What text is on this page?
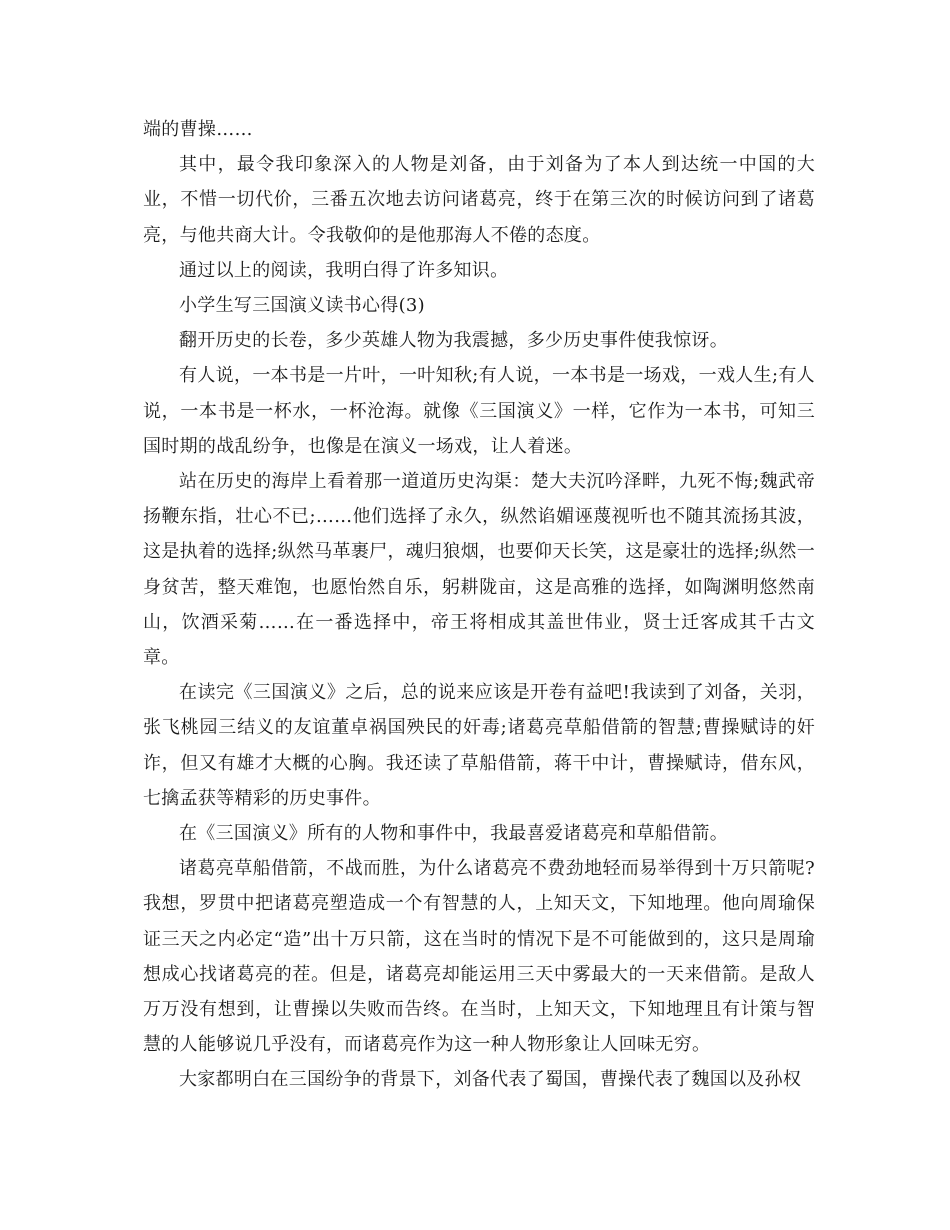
端的曹操……

其中，最令我印象深入的人物是刘备，由于刘备为了本人到达统一中国的大业，不惜一切代价，三番五次地去访问诸葛亮，终于在第三次的时候访问到了诸葛亮，与他共商大计。令我敬仰的是他那海人不倦的态度。

通过以上的阅读，我明白得了许多知识。

小学生写三国演义读书心得(3)

翻开历史的长卷，多少英雄人物为我震撼，多少历史事件使我惊讶。

有人说，一本书是一片叶，一叶知秋;有人说，一本书是一场戏，一戏人生;有人说，一本书是一杯水，一杯沧海。就像《三国演义》一样，它作为一本书，可知三国时期的战乱纷争，也像是在演义一场戏，让人着迷。

站在历史的海岸上看着那一道道历史沟渠：楚大夫沉吟泽畔，九死不悔;魏武帝扬鞭东指，壮心不已;……他们选择了永久，纵然谄媚诬蔑视听也不随其流扬其波，这是执着的选择;纵然马革裹尸，魂归狼烟，也要仰天长笑，这是豪壮的选择;纵然一身贫苦，整天难饱，也愿怡然自乐，躬耕陇亩，这是高雅的选择，如陶渊明悠然南山，饮酒采菊……在一番选择中，帝王将相成其盖世伟业，贤士迁客成其千古文章。

在读完《三国演义》之后，总的说来应该是开卷有益吧!我读到了刘备，关羽，张飞桃园三结义的友谊董卓祸国殃民的奸毒;诸葛亮草船借箭的智慧;曹操赋诗的奸诈，但又有雄才大概的心胸。我还读了草船借箭，蒋干中计，曹操赋诗，借东风，七擒孟获等精彩的历史事件。

在《三国演义》所有的人物和事件中，我最喜爱诸葛亮和草船借箭。

诸葛亮草船借箭，不战而胜，为什么诸葛亮不费劲地轻而易举得到十万只箭呢?我想，罗贯中把诸葛亮塑造成一个有智慧的人，上知天文，下知地理。他向周瑜保证三天之内必定“造”出十万只箭，这在当时的情况下是不可能做到的，这只是周瑜想成心找诸葛亮的茬。但是，诸葛亮却能运用三天中雾最大的一天来借箭。是敌人万万没有想到，让曹操以失败而告终。在当时，上知天文，下知地理且有计策与智慧的人能够说几乎没有，而诸葛亮作为这一种人物形象让人回味无穷。

大家都明白在三国纷争的背景下，刘备代表了蜀国，曹操代表了魏国以及孙权
